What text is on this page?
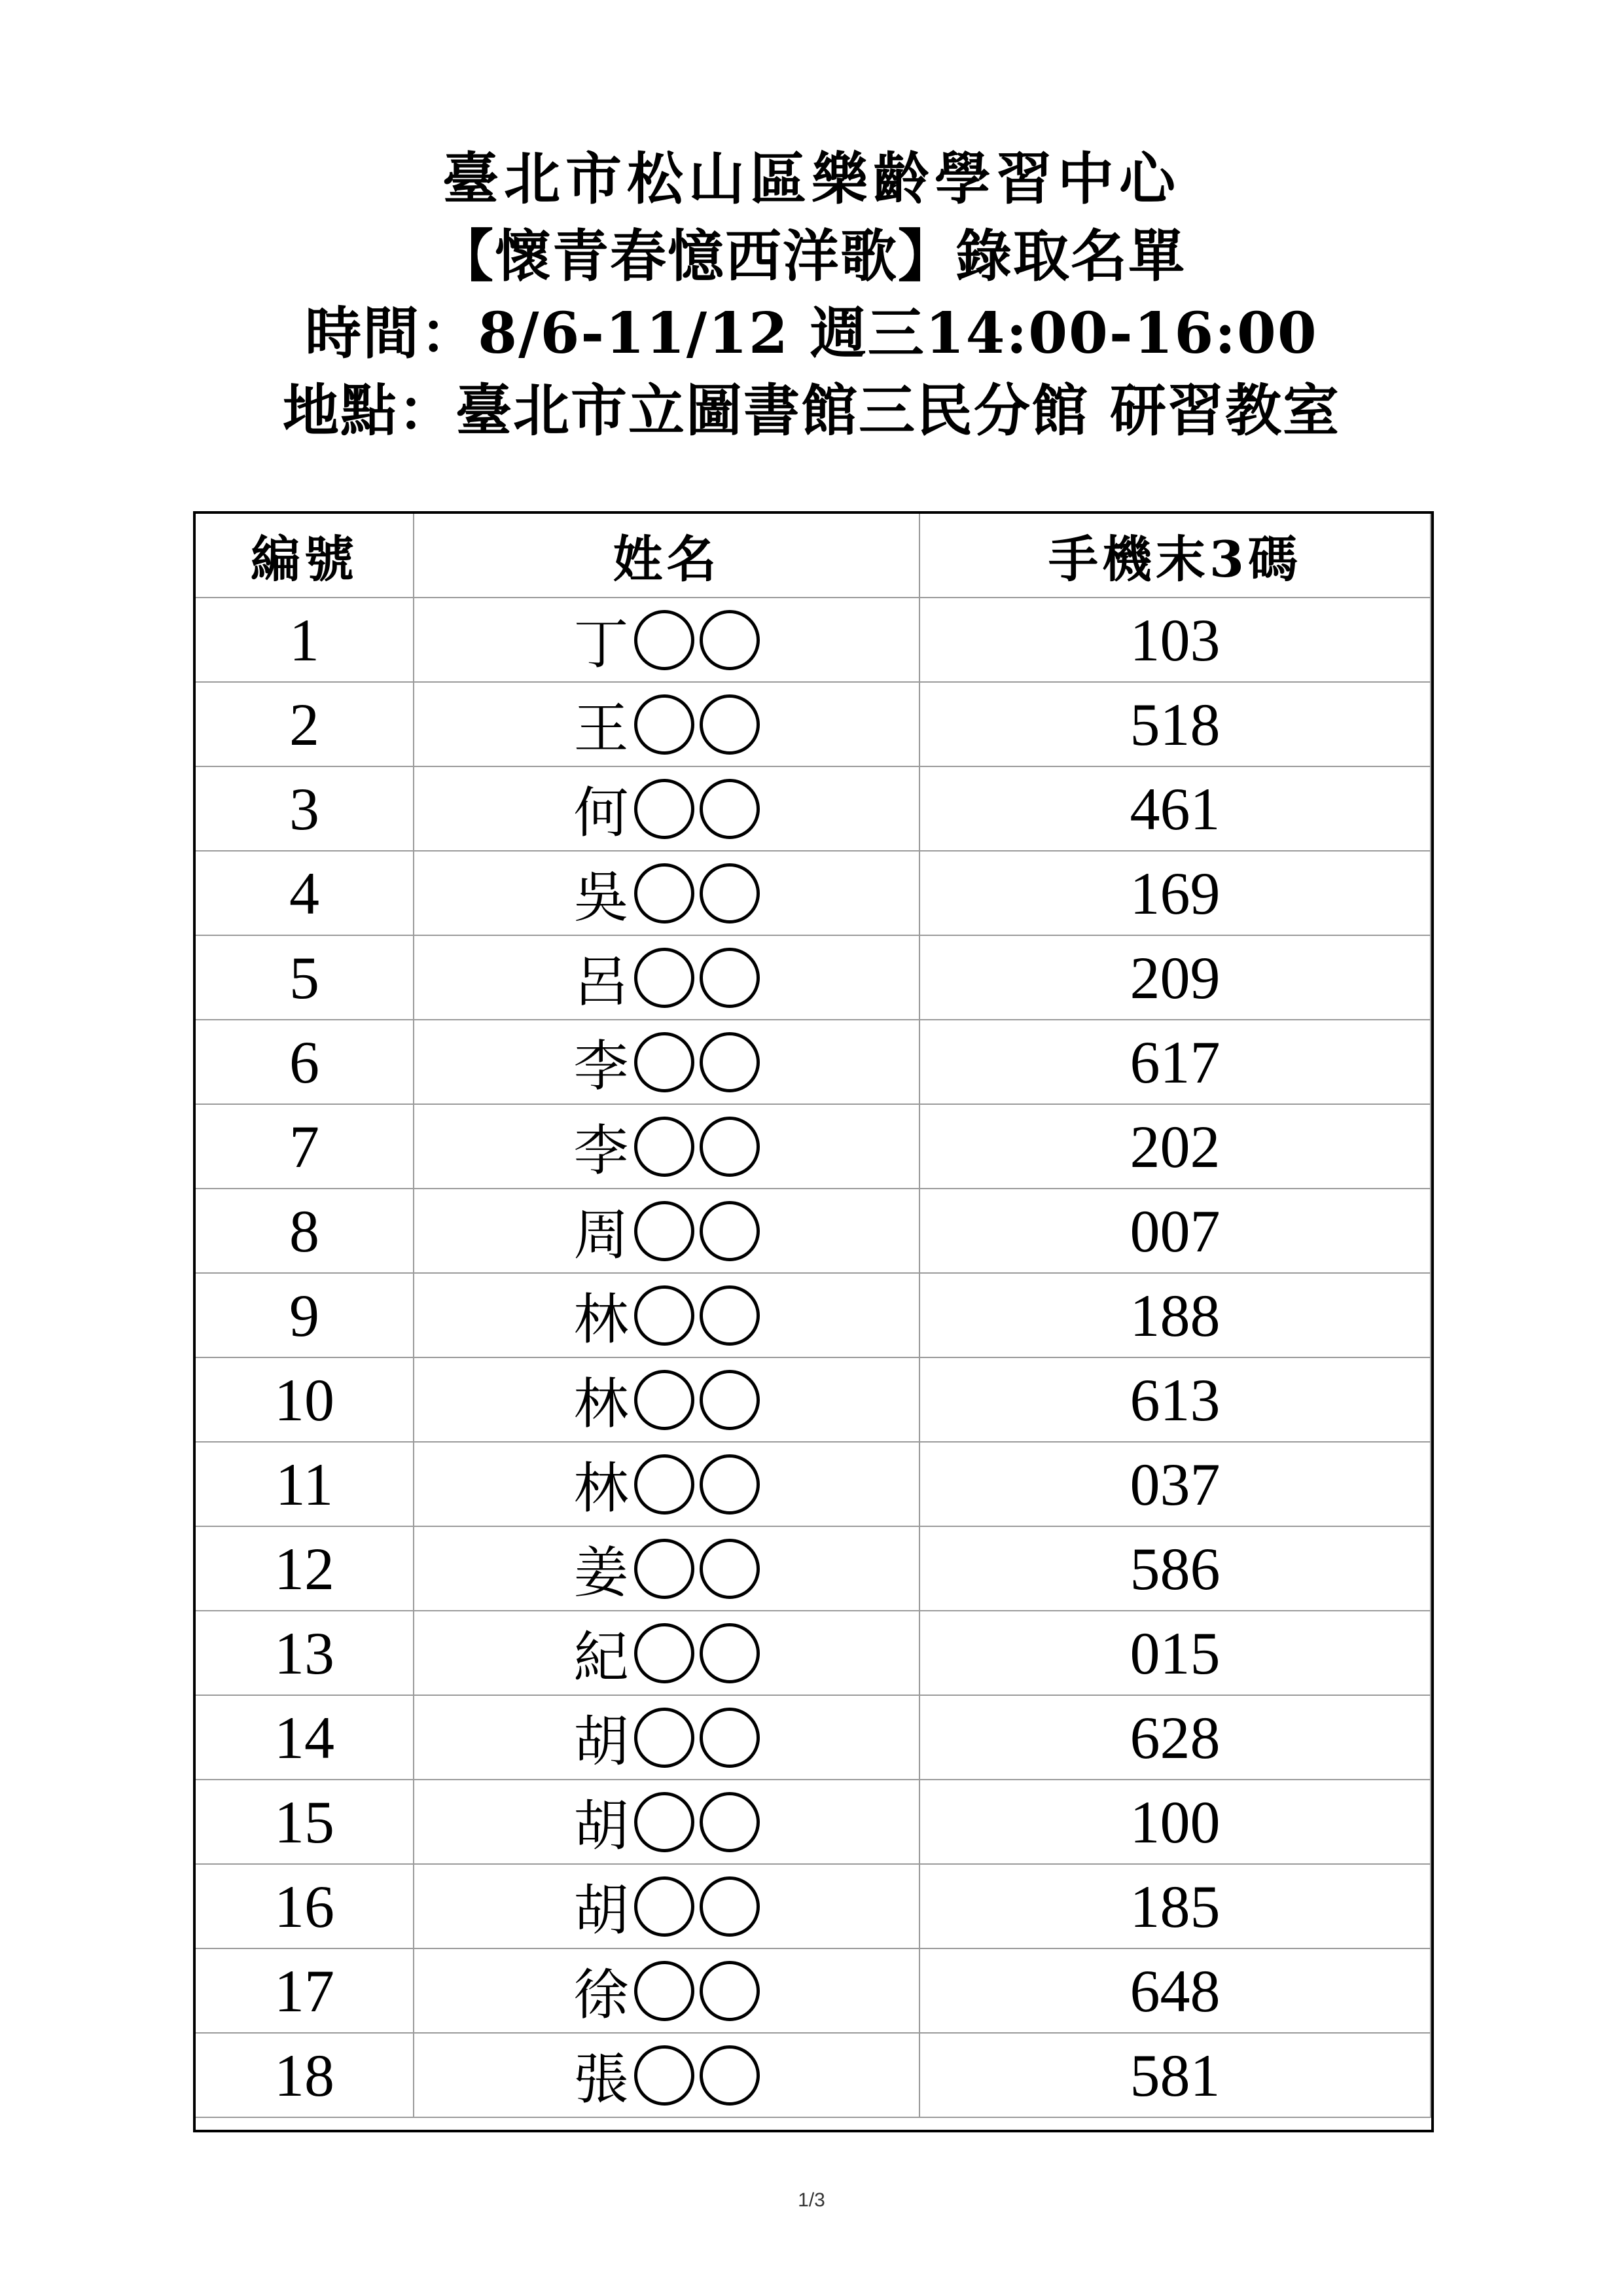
臺北市松山區樂齡學習中心
【懷青春憶西洋歌】錄取名單
時間：8/6-11/12 週三14:00-16:00
地點：臺北市立圖書館三民分館 研習教室
編號	姓名	手機末3碼
1	丁	103
2	王	518
3	何	461
4	吳	169
5	呂	209
6	李	617
7	李	202
8	周	007
9	林	188
10	林	613
11	林	037
12	姜	586
13	紀	015
14	胡	628
15	胡	100
16	胡	185
17	徐	648
18	張	581
1/3
